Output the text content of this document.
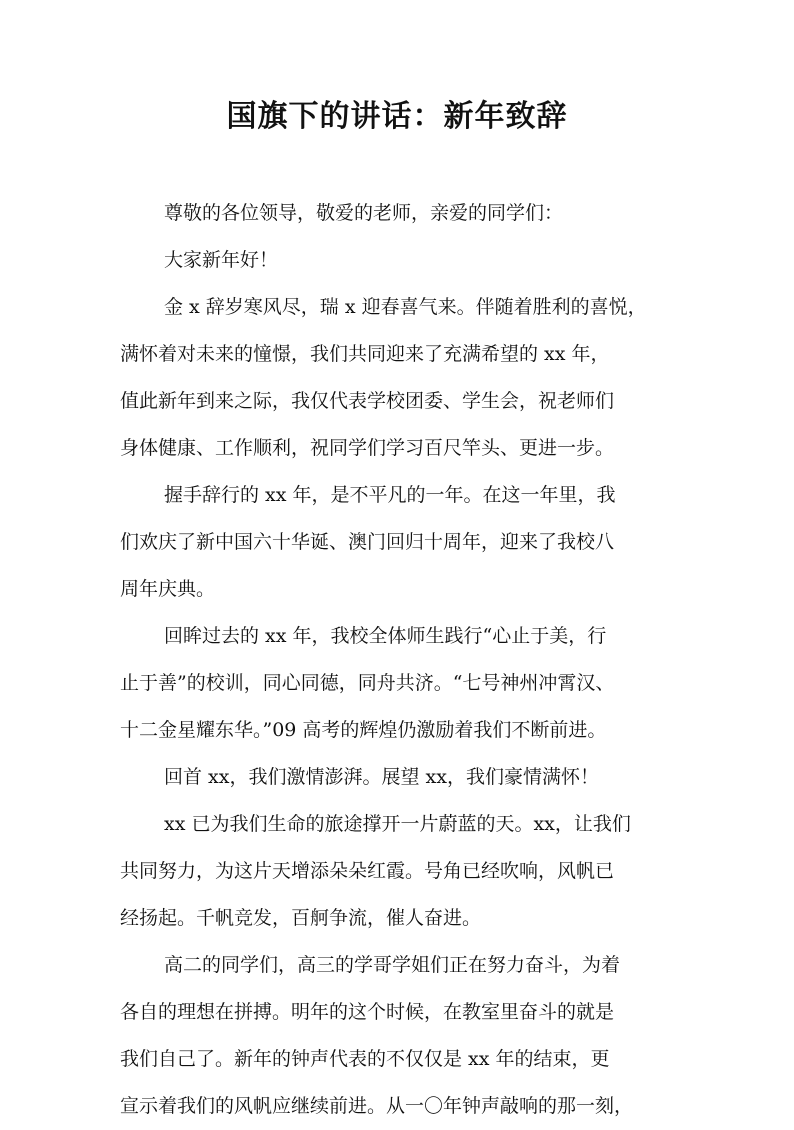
国旗下的讲话：新年致辞
尊敬的各位领导，敬爱的老师，亲爱的同学们：
大家新年好！
金 x 辞岁寒风尽，瑞 x 迎春喜气来。伴随着胜利的喜悦，
满怀着对未来的憧憬，我们共同迎来了充满希望的 xx 年，
值此新年到来之际，我仅代表学校团委、学生会，祝老师们
身体健康、工作顺利，祝同学们学习百尺竿头、更进一步。
握手辞行的 xx 年，是不平凡的一年。在这一年里，我
们欢庆了新中国六十华诞、澳门回归十周年，迎来了我校八
周年庆典。
回眸过去的 xx 年，我校全体师生践行“心止于美，行
止于善”的校训，同心同德，同舟共济。“七号神州冲霄汉、
十二金星耀东华。”09 高考的辉煌仍激励着我们不断前进。
回首 xx，我们激情澎湃。展望 xx，我们豪情满怀！
xx 已为我们生命的旅途撑开一片蔚蓝的天。xx，让我们
共同努力，为这片天增添朵朵红霞。号角已经吹响，风帆已
经扬起。千帆竞发，百舸争流，催人奋进。
高二的同学们，高三的学哥学姐们正在努力奋斗，为着
各自的理想在拼搏。明年的这个时候，在教室里奋斗的就是
我们自己了。新年的钟声代表的不仅仅是 xx 年的结束，更
宣示着我们的风帆应继续前进。从一〇年钟声敲响的那一刻，
